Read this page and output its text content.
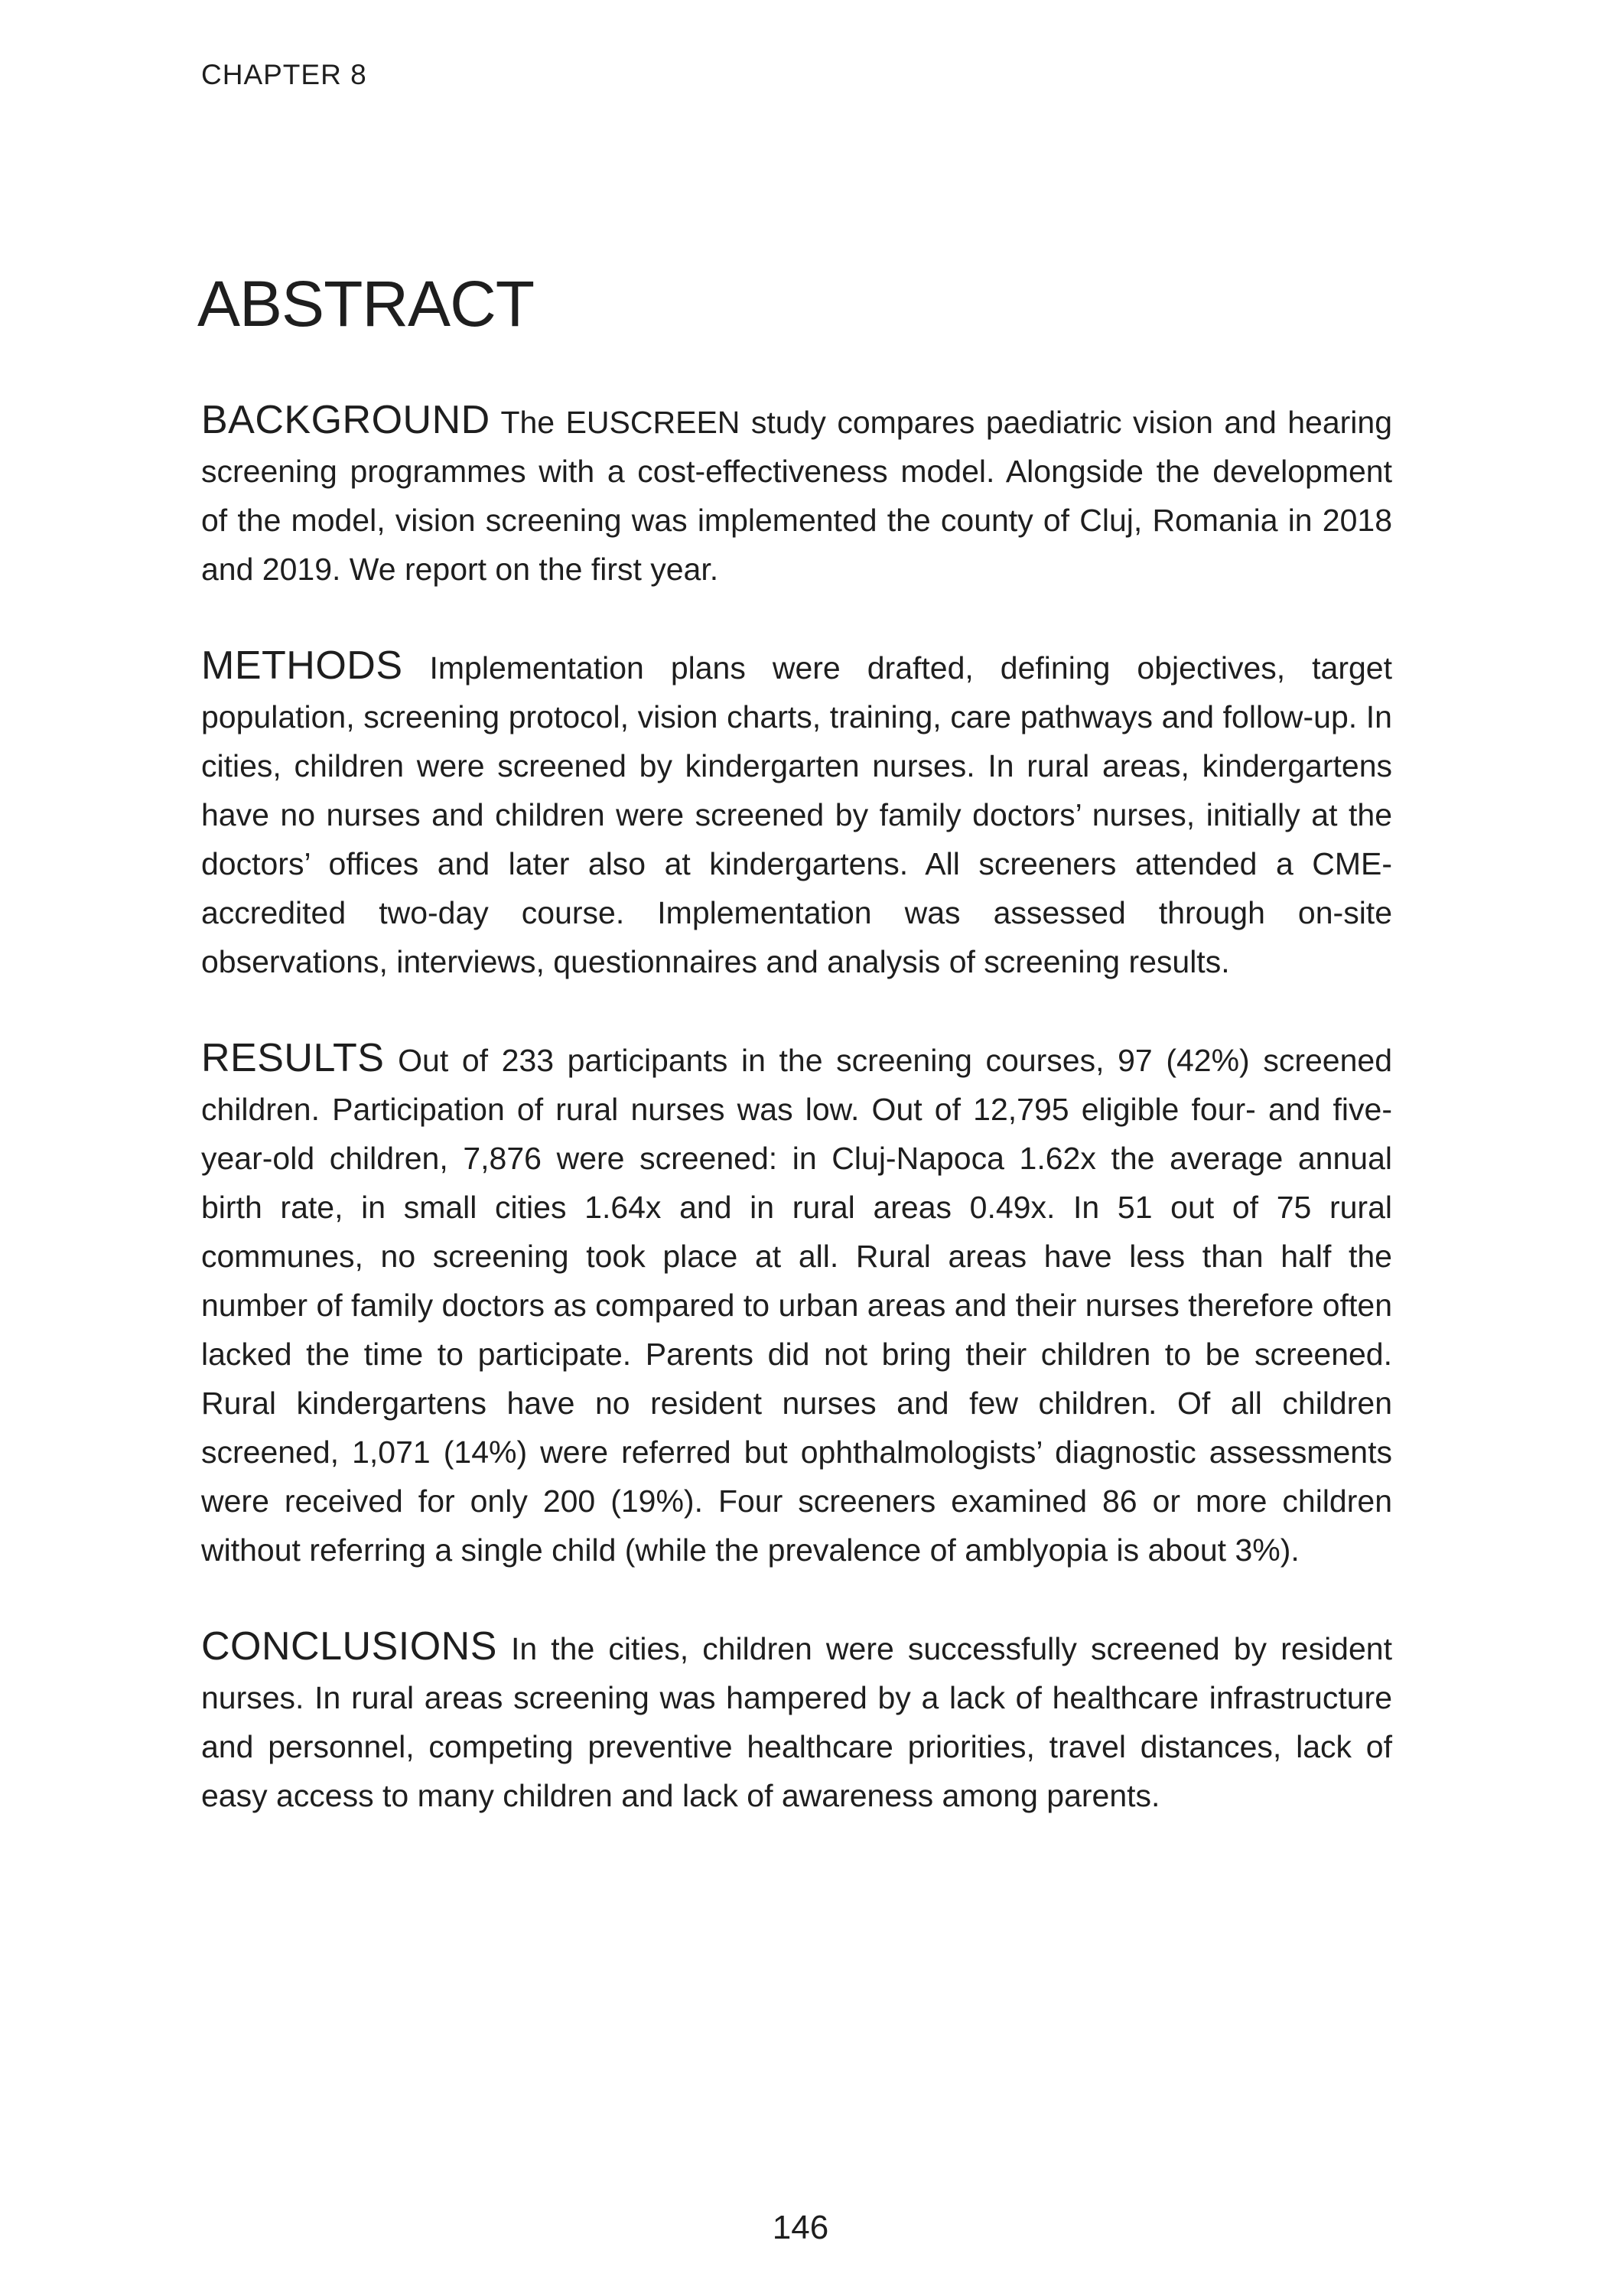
CHAPTER 8
ABSTRACT

BACKGROUND The EUSCREEN study compares paediatric vision and hearing screening programmes with a cost-effectiveness model. Alongside the development of the model, vision screening was implemented the county of Cluj, Romania in 2018 and 2019. We report on the first year.

METHODS Implementation plans were drafted, defining objectives, target population, screening protocol, vision charts, training, care pathways and follow-up. In cities, children were screened by kindergarten nurses. In rural areas, kindergartens have no nurses and children were screened by family doctors’ nurses, initially at the doctors’ offices and later also at kindergartens. All screeners attended a CME-accredited two-day course. Implementation was assessed through on-site observations, interviews, questionnaires and analysis of screening results.

RESULTS Out of 233 participants in the screening courses, 97 (42%) screened children. Participation of rural nurses was low. Out of 12,795 eligible four- and five-year-old children, 7,876 were screened: in Cluj-Napoca 1.62x the average annual birth rate, in small cities 1.64x and in rural areas 0.49x. In 51 out of 75 rural communes, no screening took place at all. Rural areas have less than half the number of family doctors as compared to urban areas and their nurses therefore often lacked the time to participate. Parents did not bring their children to be screened. Rural kindergartens have no resident nurses and few children. Of all children screened, 1,071 (14%) were referred but ophthalmologists’ diagnostic assessments were received for only 200 (19%). Four screeners examined 86 or more children without referring a single child (while the prevalence of amblyopia is about 3%).

CONCLUSIONS In the cities, children were successfully screened by resident nurses. In rural areas screening was hampered by a lack of healthcare infrastructure and personnel, competing preventive healthcare priorities, travel distances, lack of easy access to many children and lack of awareness among parents.

146
